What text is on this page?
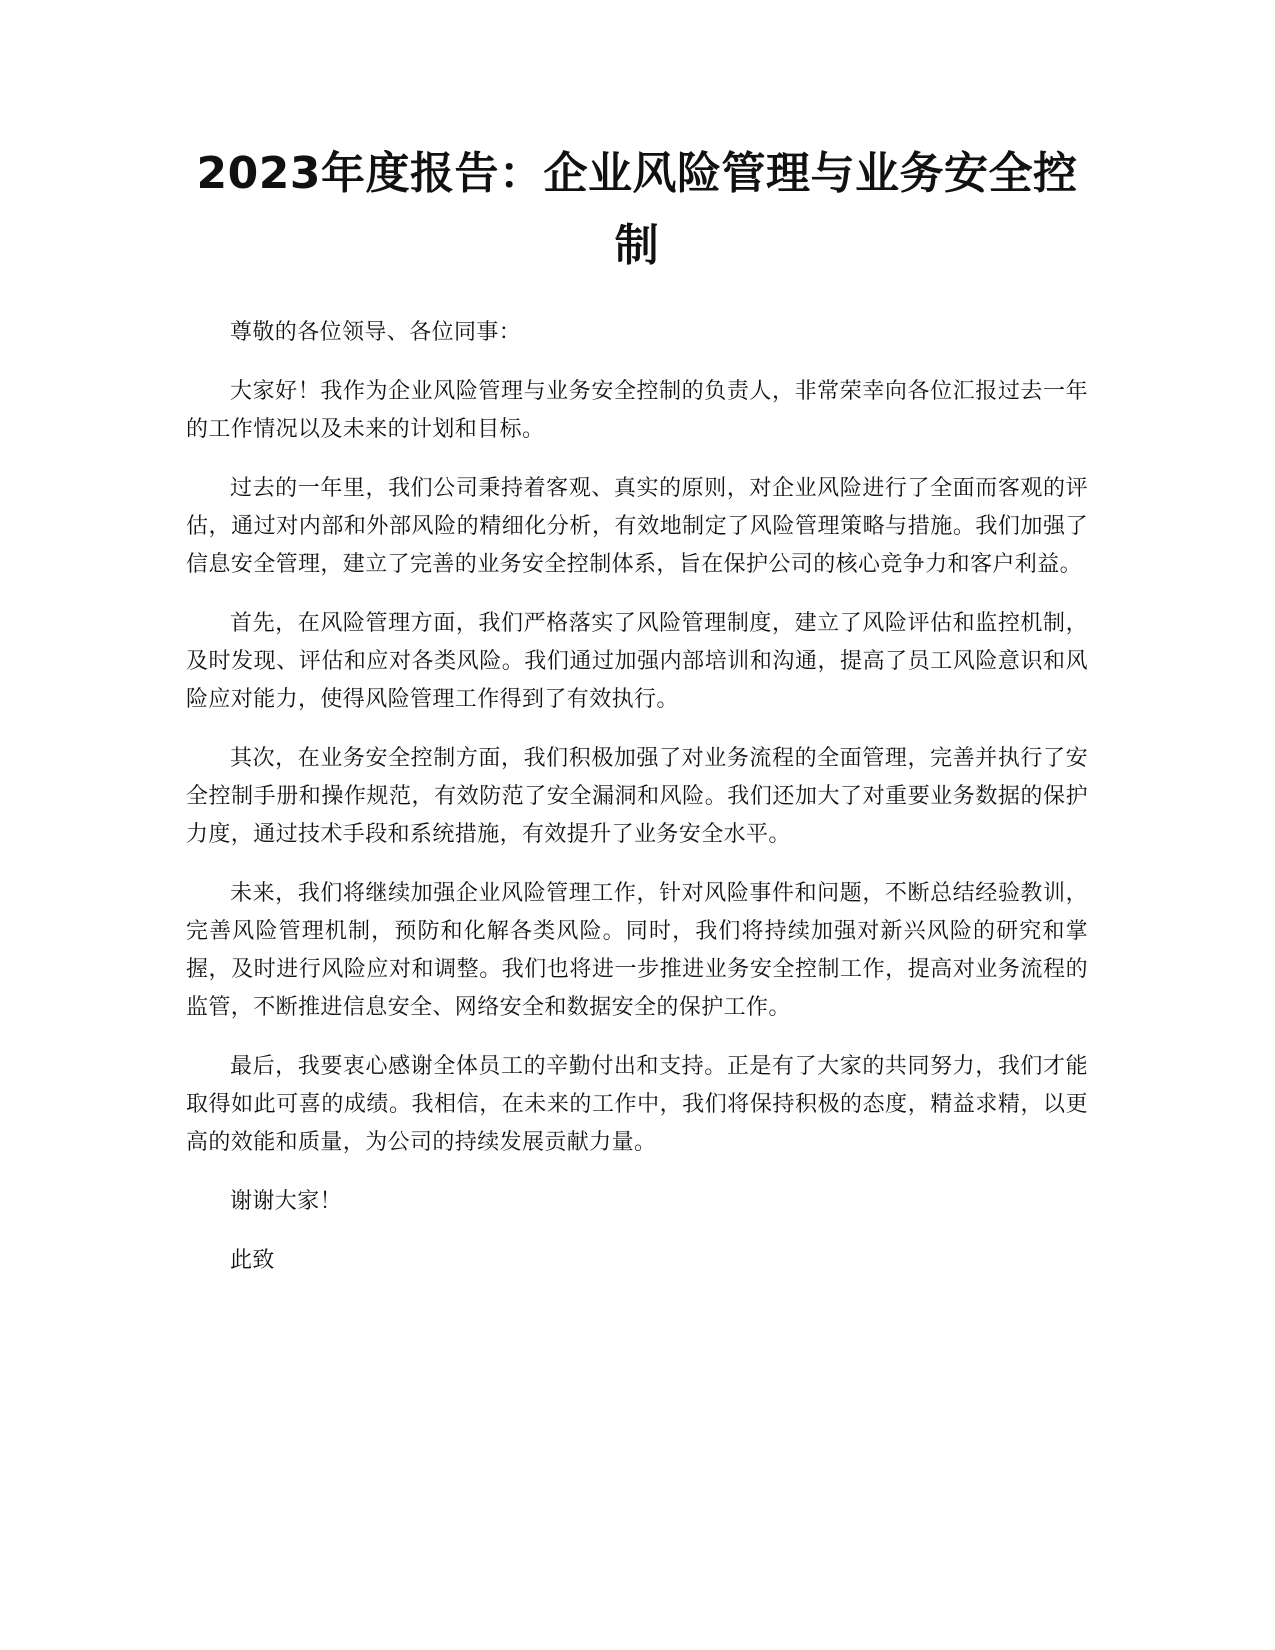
2023年度报告：企业风险管理与业务安全控制

尊敬的各位领导、各位同事：

大家好！我作为企业风险管理与业务安全控制的负责人，非常荣幸向各位汇报过去一年的工作情况以及未来的计划和目标。

过去的一年里，我们公司秉持着客观、真实的原则，对企业风险进行了全面而客观的评估，通过对内部和外部风险的精细化分析，有效地制定了风险管理策略与措施。我们加强了信息安全管理，建立了完善的业务安全控制体系，旨在保护公司的核心竞争力和客户利益。

首先，在风险管理方面，我们严格落实了风险管理制度，建立了风险评估和监控机制，及时发现、评估和应对各类风险。我们通过加强内部培训和沟通，提高了员工风险意识和风险应对能力，使得风险管理工作得到了有效执行。

其次，在业务安全控制方面，我们积极加强了对业务流程的全面管理，完善并执行了安全控制手册和操作规范，有效防范了安全漏洞和风险。我们还加大了对重要业务数据的保护力度，通过技术手段和系统措施，有效提升了业务安全水平。

未来，我们将继续加强企业风险管理工作，针对风险事件和问题，不断总结经验教训，完善风险管理机制，预防和化解各类风险。同时，我们将持续加强对新兴风险的研究和掌握，及时进行风险应对和调整。我们也将进一步推进业务安全控制工作，提高对业务流程的监管，不断推进信息安全、网络安全和数据安全的保护工作。

最后，我要衷心感谢全体员工的辛勤付出和支持。正是有了大家的共同努力，我们才能取得如此可喜的成绩。我相信，在未来的工作中，我们将保持积极的态度，精益求精，以更高的效能和质量，为公司的持续发展贡献力量。

谢谢大家！

此致
